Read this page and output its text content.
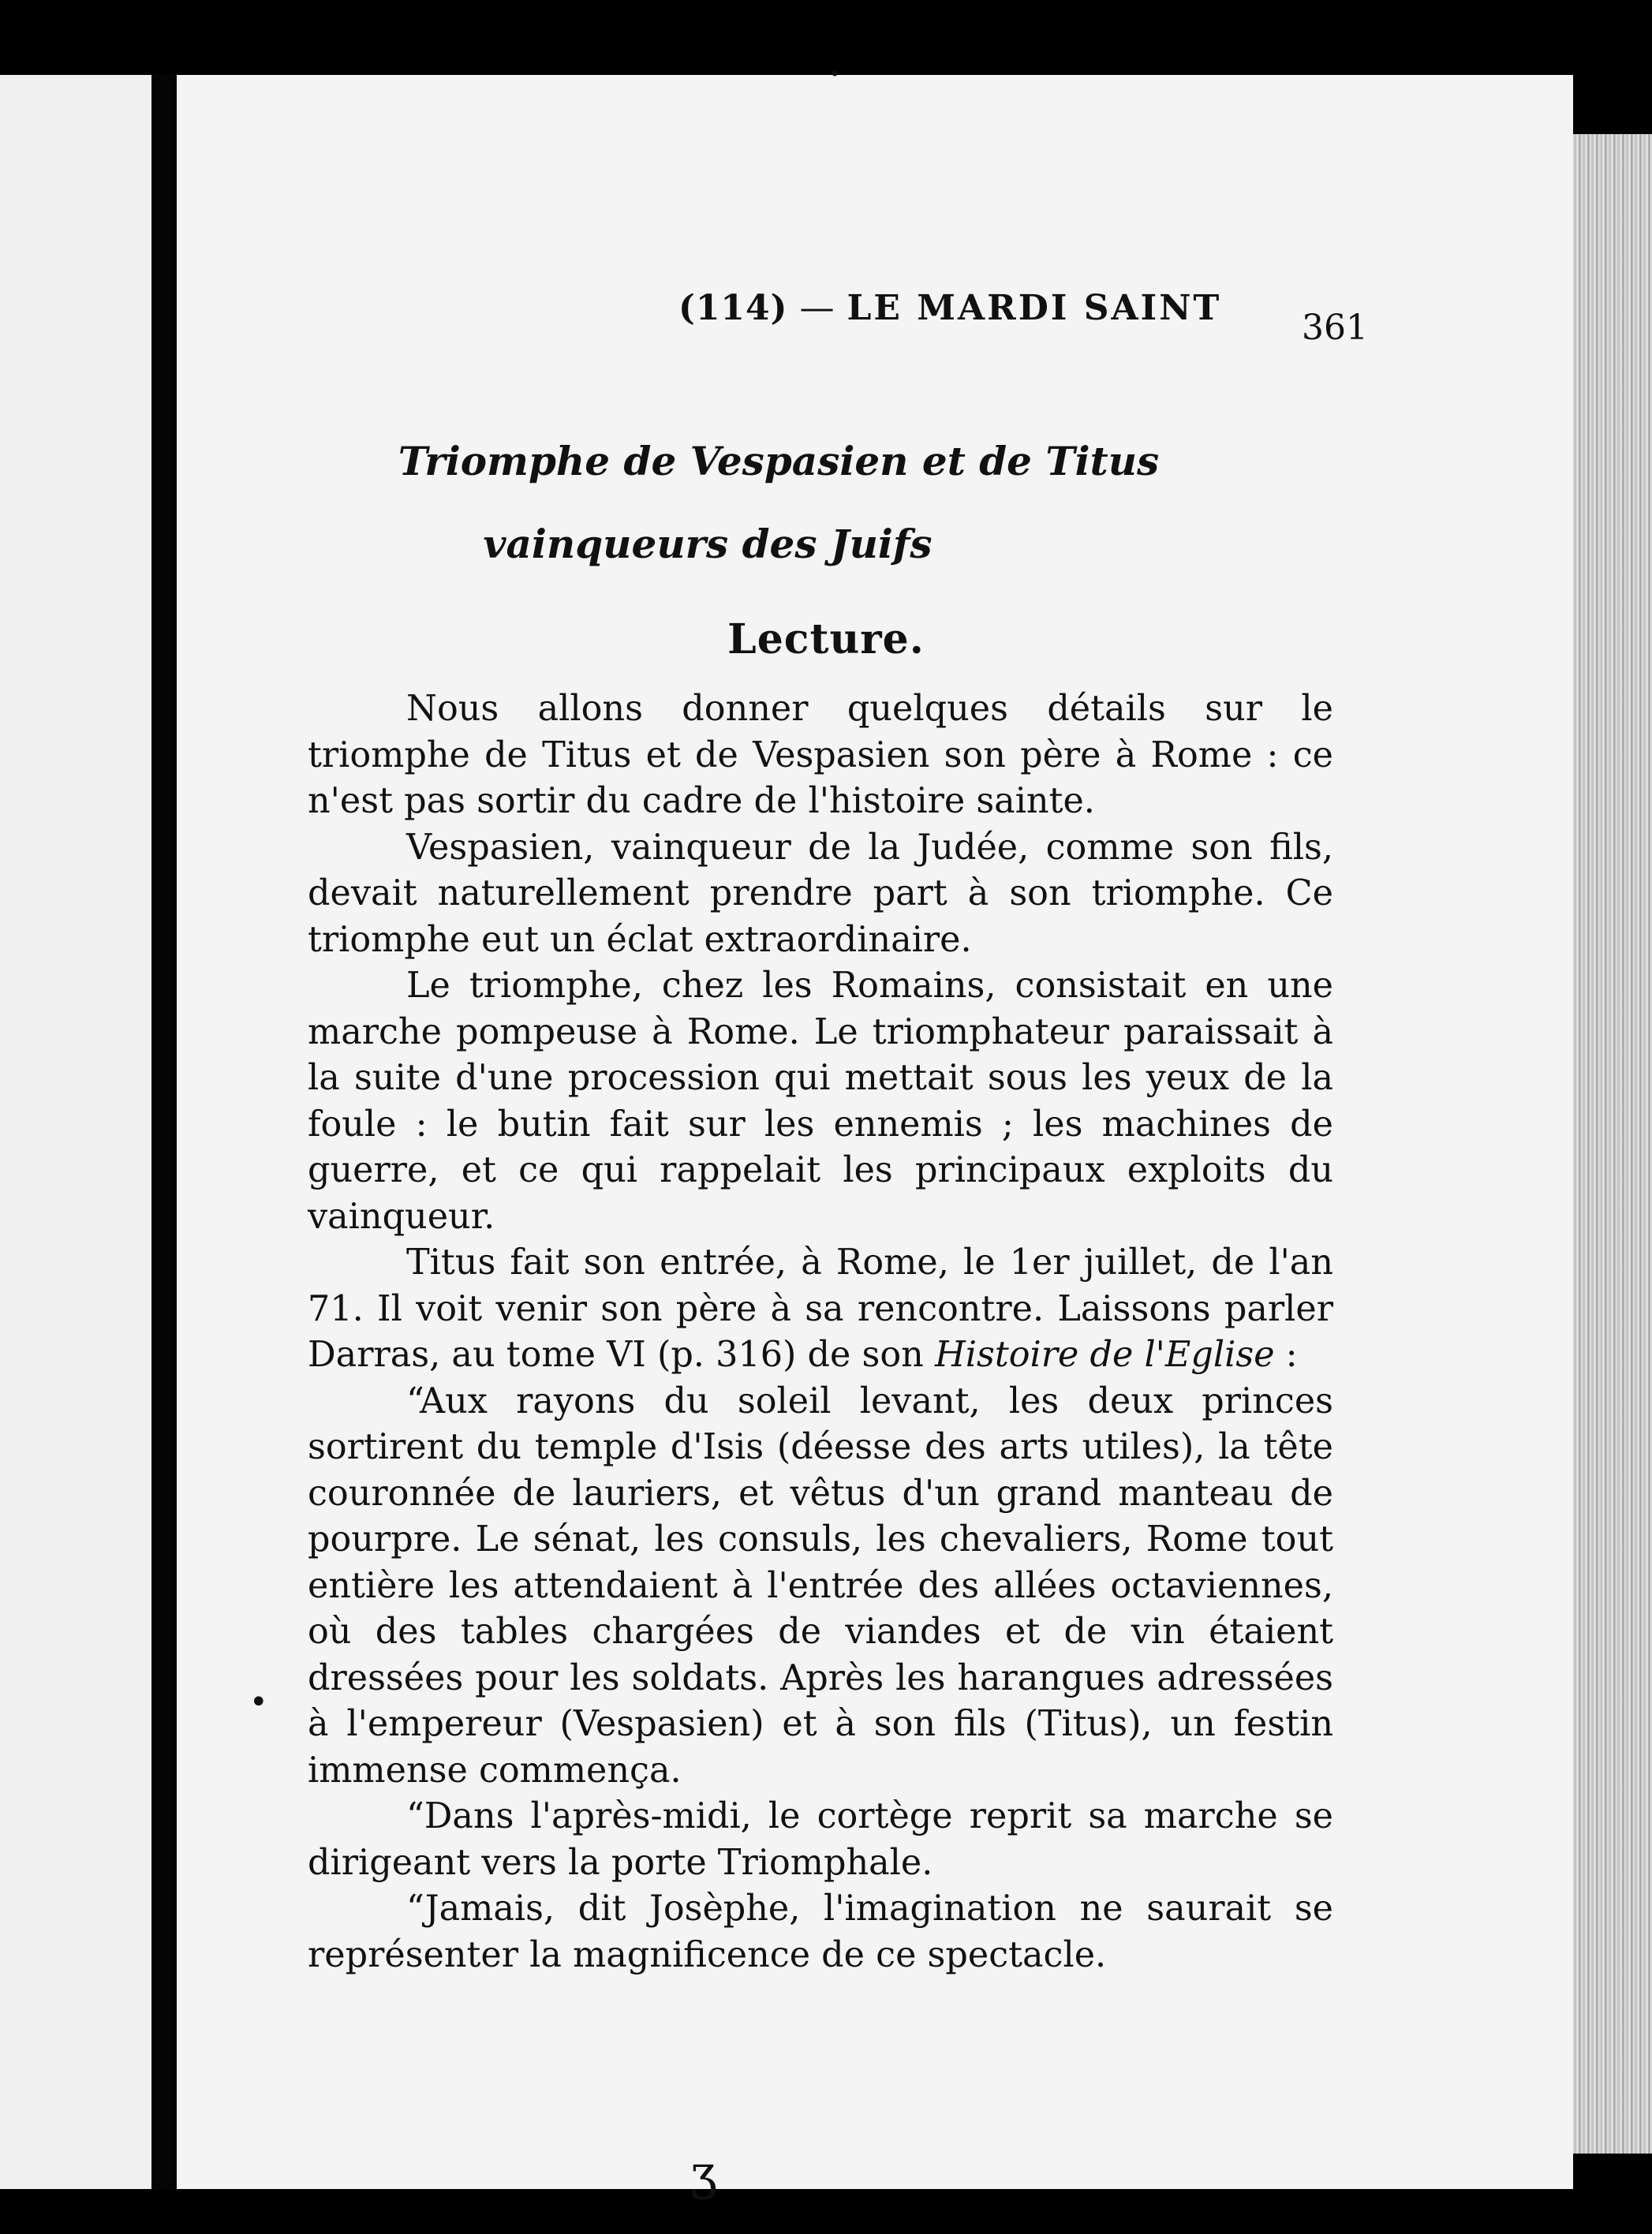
(114) — LE MARDI SAINT 361
Triomphe de Vespasien et de Titus
vainqueurs des Juifs
Lecture.

Nous allons donner quelques détails sur le triomphe de Titus et de Vespasien son père à Rome : ce n'est pas sortir du cadre de l'histoire sainte.

Vespasien, vainqueur de la Judée, comme son fils, devait naturellement prendre part à son triomphe. Ce triomphe eut un éclat extraordinaire.

Le triomphe, chez les Romains, consistait en une marche pompeuse à Rome. Le triomphateur paraissait à la suite d'une procession qui mettait sous les yeux de la foule : le butin fait sur les ennemis ; les machines de guerre, et ce qui rappelait les principaux exploits du vainqueur.

Titus fait son entrée, à Rome, le 1er juillet, de l'an 71. Il voit venir son père à sa rencontre. Laissons parler Darras, au tome VI (p. 316) de son Histoire de l'Eglise :

“Aux rayons du soleil levant, les deux princes sortirent du temple d'Isis (déesse des arts utiles), la tête couronnée de lauriers, et vêtus d'un grand manteau de pourpre. Le sénat, les consuls, les chevaliers, Rome tout entière les attendaient à l'entrée des allées octaviennes, où des tables chargées de viandes et de vin étaient dressées pour les soldats. Après les harangues adressées à l'empereur (Vespasien) et à son fils (Titus), un festin immense commença.

“Dans l'après-midi, le cortège reprit sa marche se dirigeant vers la porte Triomphale.

“Jamais, dit Josèphe, l'imagination ne saurait se représenter la magnificence de ce spectacle.

•
•
ʒ
